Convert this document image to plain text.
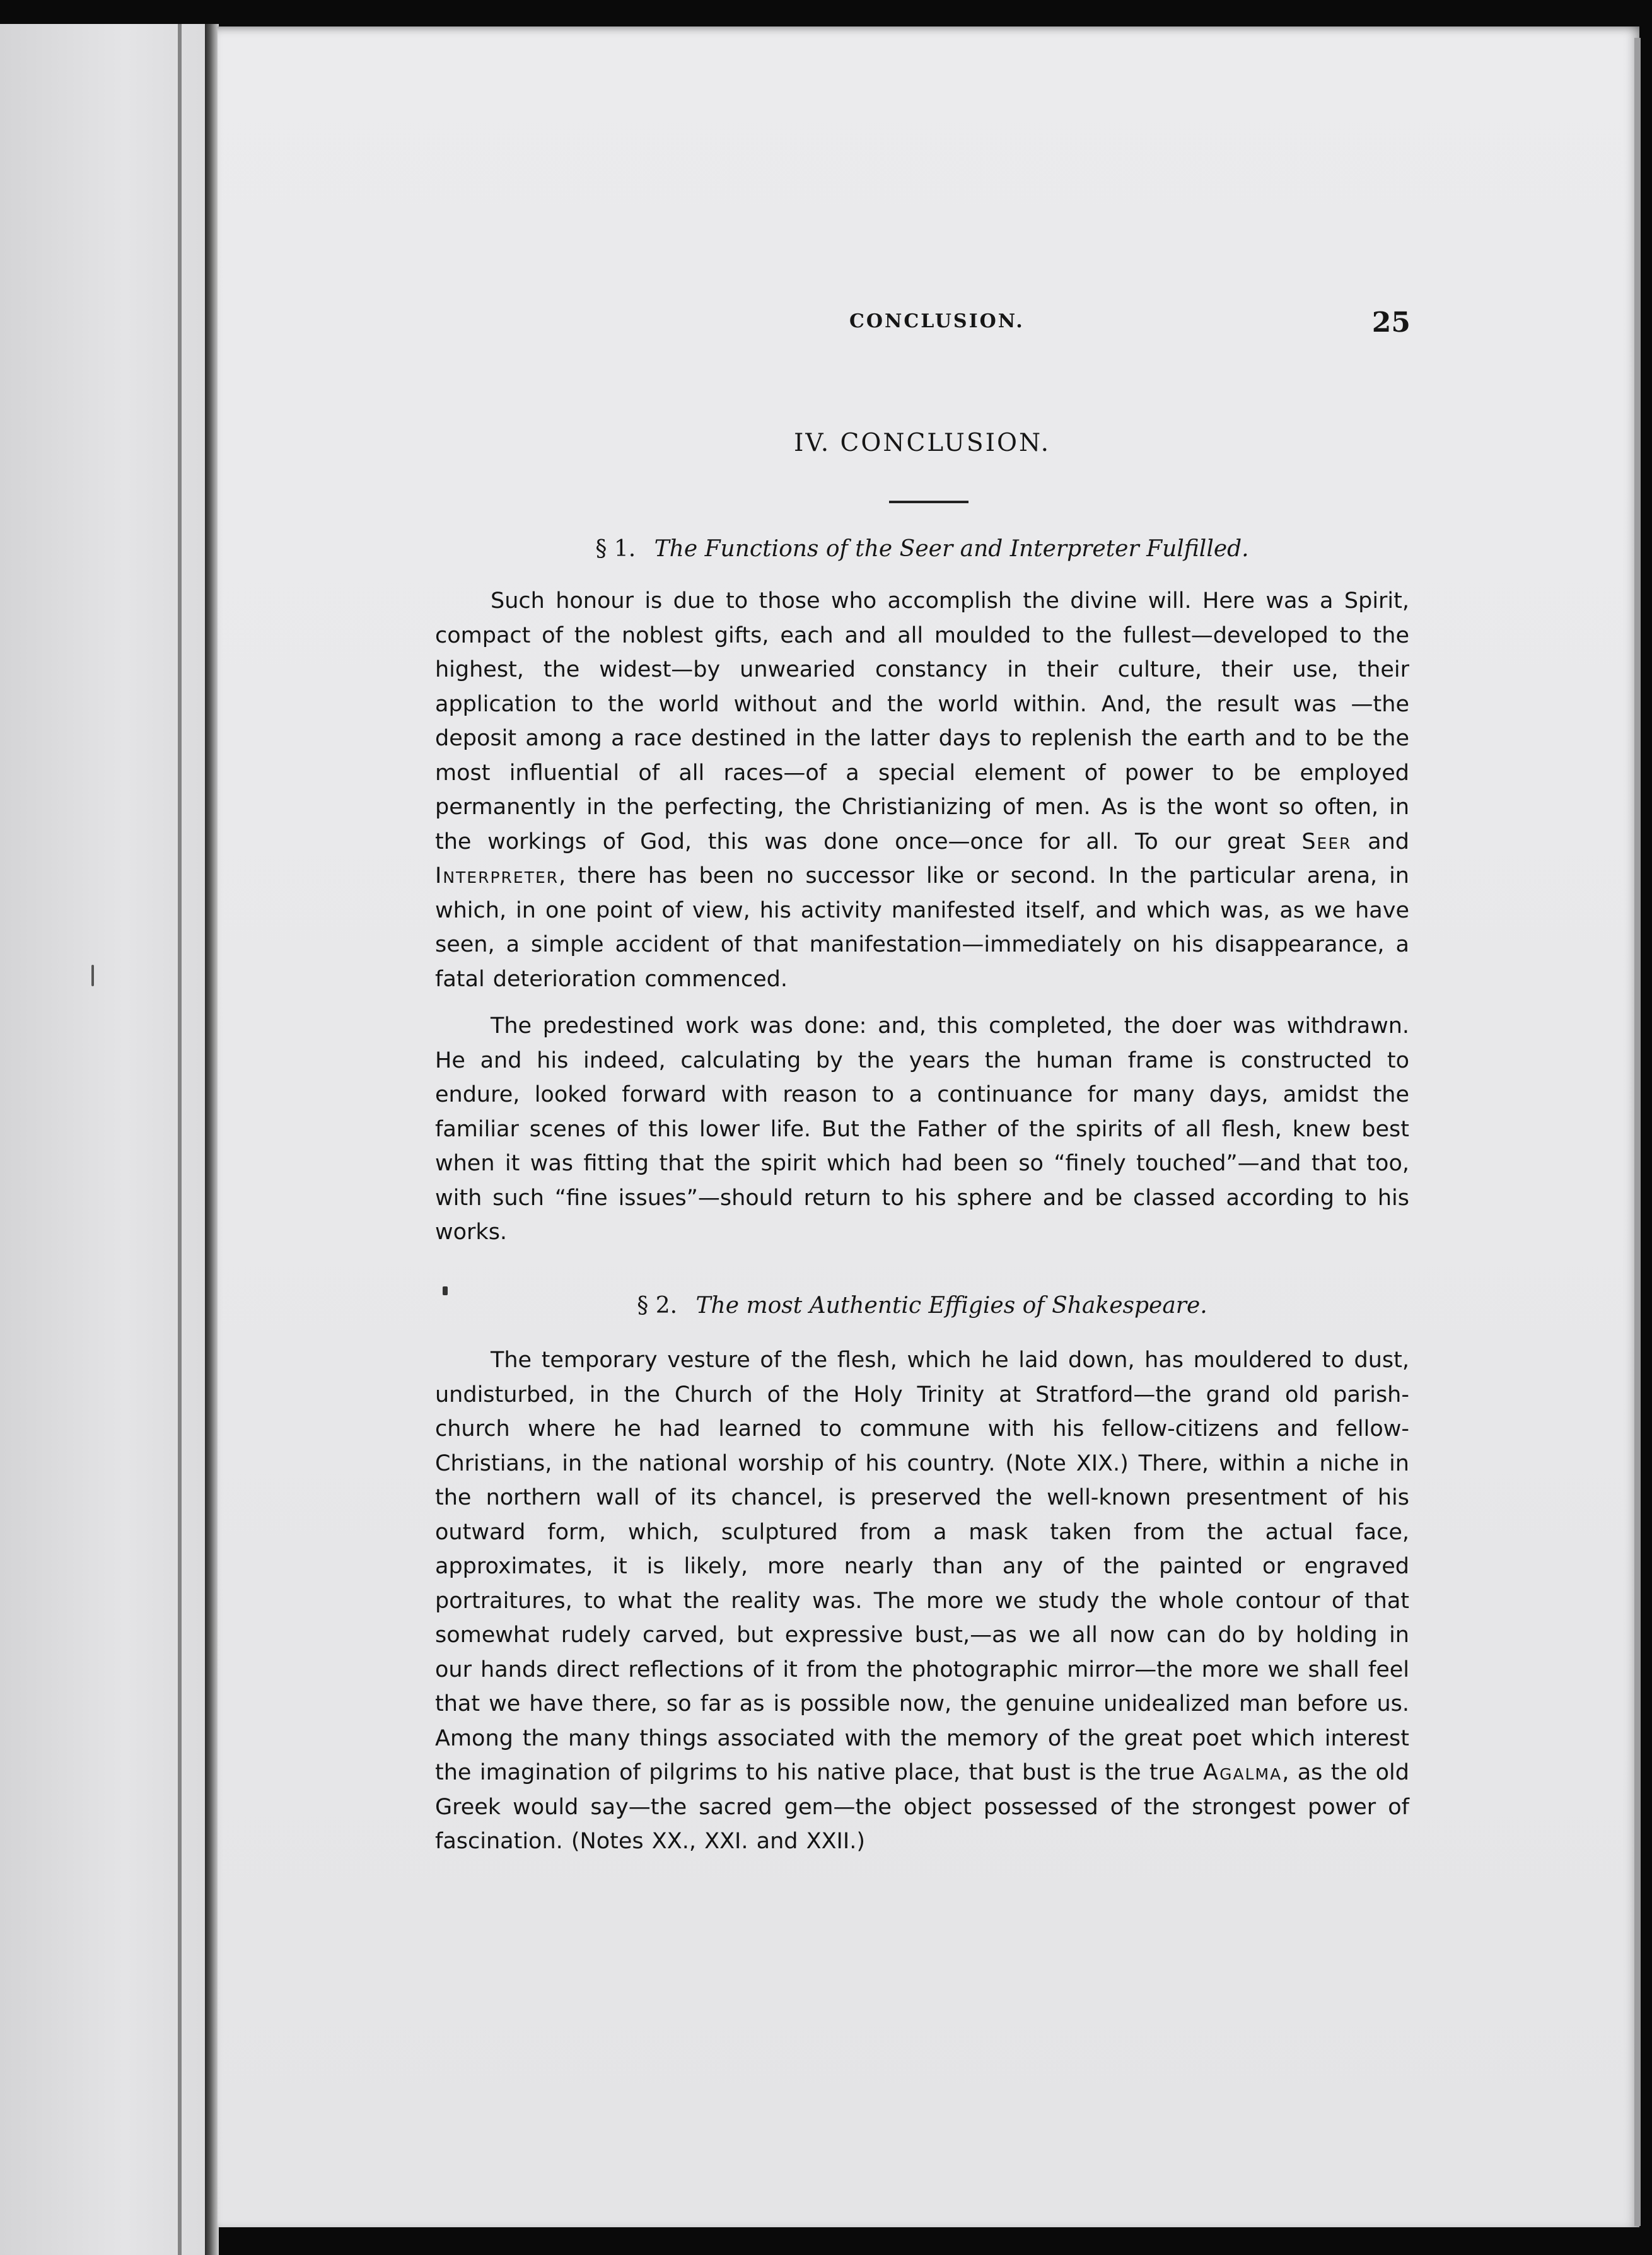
CONCLUSION.	25
IV. CONCLUSION.
§ 1. The Functions of the Seer and Interpreter Fulfilled.

Such honour is due to those who accomplish the divine will. Here was a Spirit, compact of the noblest gifts, each and all moulded to the fullest—developed to the highest, the widest—by unwearied constancy in their culture, their use, their application to the world without and the world within. And, the result was —the deposit among a race destined in the latter days to replenish the earth and to be the most influential of all races—of a special element of power to be employed permanently in the perfecting, the Christianizing of men. As is the wont so often, in the workings of God, this was done once—once for all. To our great Seer and Interpreter, there has been no successor like or second. In the particular arena, in which, in one point of view, his activity manifested itself, and which was, as we have seen, a simple accident of that manifestation—immediately on his disappearance, a fatal deterioration commenced.

The predestined work was done: and, this completed, the doer was withdrawn. He and his indeed, calculating by the years the human frame is constructed to endure, looked forward with reason to a continuance for many days, amidst the familiar scenes of this lower life. But the Father of the spirits of all flesh, knew best when it was fitting that the spirit which had been so “finely touched”—and that too, with such “fine issues”—should return to his sphere and be classed according to his works.

§ 2. The most Authentic Effigies of Shakespeare.

The temporary vesture of the flesh, which he laid down, has mouldered to dust, undisturbed, in the Church of the Holy Trinity at Stratford—the grand old parish-church where he had learned to commune with his fellow-citizens and fellow-Christians, in the national worship of his country. (Note XIX.) There, within a niche in the northern wall of its chancel, is preserved the well-known presentment of his outward form, which, sculptured from a mask taken from the actual face, approximates, it is likely, more nearly than any of the painted or engraved portraitures, to what the reality was. The more we study the whole contour of that somewhat rudely carved, but expressive bust,—as we all now can do by holding in our hands direct reflections of it from the photographic mirror—the more we shall feel that we have there, so far as is possible now, the genuine unidealized man before us. Among the many things associated with the memory of the great poet which interest the imagination of pilgrims to his native place, that bust is the true Agalma, as the old Greek would say—the sacred gem—the object possessed of the strongest power of fascination. (Notes XX., XXI. and XXII.)
